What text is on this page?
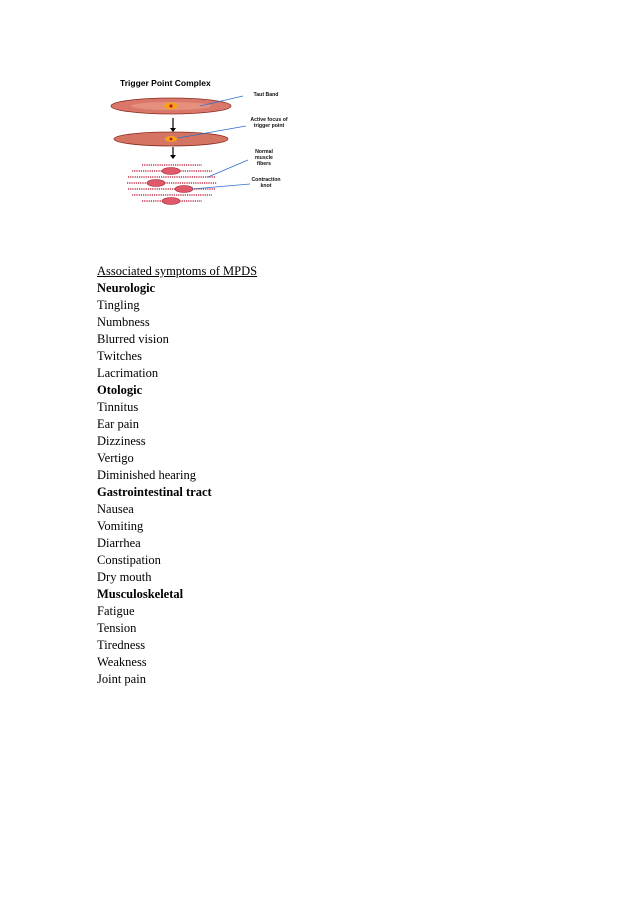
Trigger Point Complex
Taut Band
Active focus of trigger point
Normal muscle fibers
Contraction knot

Associated symptoms of MPDS

Neurologic

Tingling

Numbness

Blurred vision

Twitches

Lacrimation

Otologic

Tinnitus

Ear pain

Dizziness

Vertigo

Diminished hearing

Gastrointestinal tract

Nausea

Vomiting

Diarrhea

Constipation

Dry mouth

Musculoskeletal

Fatigue

Tension

Tiredness

Weakness

Joint pain
